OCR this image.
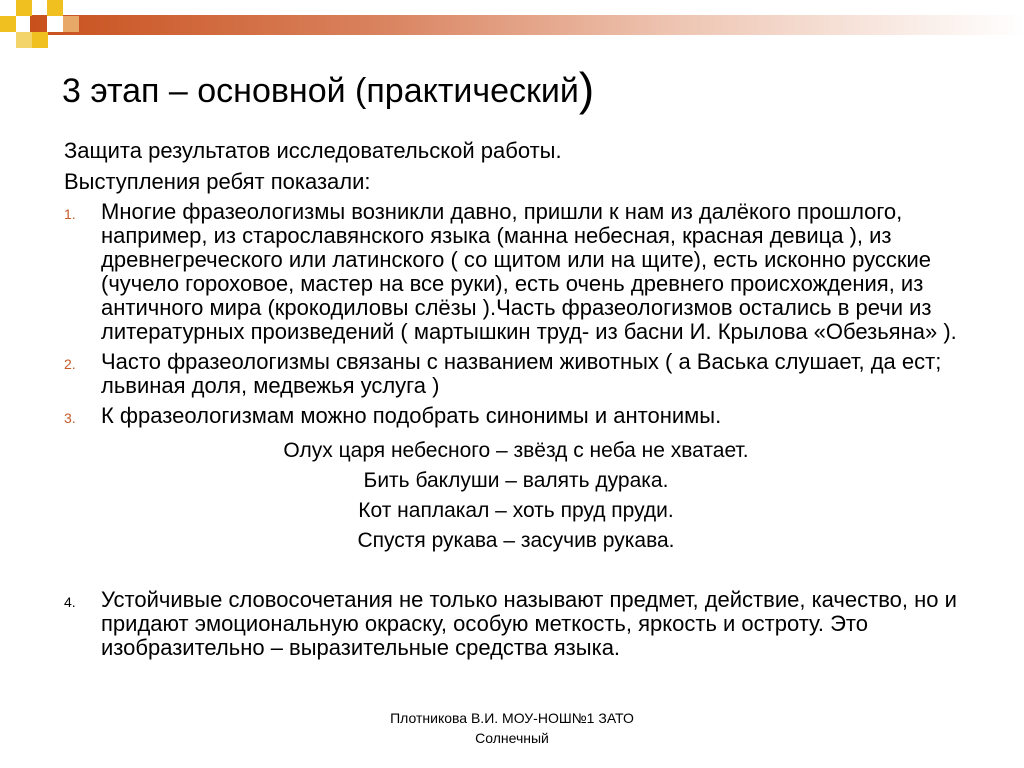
3 этап – основной (практический)
Защита результатов исследовательской работы.
Выступления ребят показали:
1.	Многие фразеологизмы возникли давно, пришли к нам из далёкого прошлого, например, из старославянского языка (манна небесная, красная девица ), из древнегреческого или латинского ( со щитом или на щите), есть исконно русские (чучело гороховое, мастер на все руки), есть очень древнего происхождения, из античного мира (крокодиловы слёзы ).Часть фразеологизмов остались в речи из литературных произведений ( мартышкин труд- из басни И. Крылова «Обезьяна» ).
2.	Часто фразеологизмы связаны с названием животных ( а Васька слушает, да ест; львиная доля, медвежья услуга )
3.	К фразеологизмам можно подобрать синонимы и антонимы.
Олух царя небесного – звёзд с неба не хватает.
Бить баклуши – валять дурака.
Кот наплакал – хоть пруд пруди.
Спустя рукава – засучив рукава.
4.	Устойчивые словосочетания не только называют предмет, действие, качество, но и придают эмоциональную окраску, особую меткость, яркость и остроту. Это изобразительно – выразительные средства языка.
Плотникова В.И. МОУ-НОШ№1 ЗАТО
Солнечный
